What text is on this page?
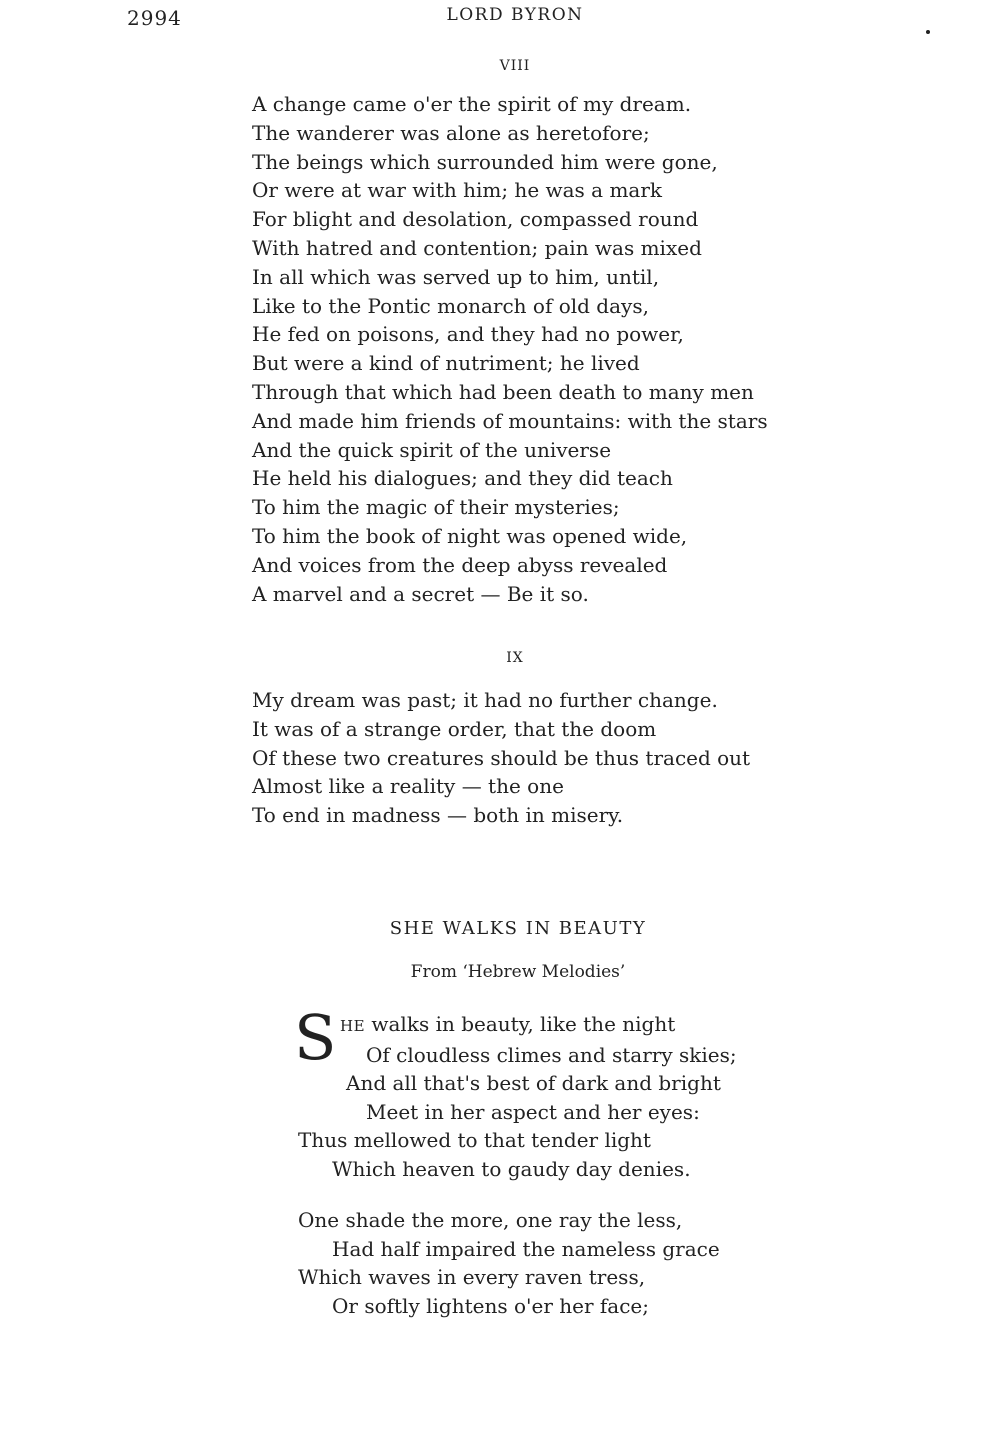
2994	LORD BYRON
VIII
A change came o'er the spirit of my dream.
The wanderer was alone as heretofore;
The beings which surrounded him were gone,
Or were at war with him; he was a mark
For blight and desolation, compassed round
With hatred and contention; pain was mixed
In all which was served up to him, until,
Like to the Pontic monarch of old days,
He fed on poisons, and they had no power,
But were a kind of nutriment; he lived
Through that which had been death to many men
And made him friends of mountains: with the stars
And the quick spirit of the universe
He held his dialogues; and they did teach
To him the magic of their mysteries;
To him the book of night was opened wide,
And voices from the deep abyss revealed
A marvel and a secret — Be it so.
IX
My dream was past; it had no further change.
It was of a strange order, that the doom
Of these two creatures should be thus traced out
Almost like a reality — the one
To end in madness — both in misery.
SHE WALKS IN BEAUTY
From ‘Hebrew Melodies’
S HE walks in beauty, like the night
Of cloudless climes and starry skies;
And all that's best of dark and bright
Meet in her aspect and her eyes:
Thus mellowed to that tender light
Which heaven to gaudy day denies.
One shade the more, one ray the less,
Had half impaired the nameless grace
Which waves in every raven tress,
Or softly lightens o'er her face;
